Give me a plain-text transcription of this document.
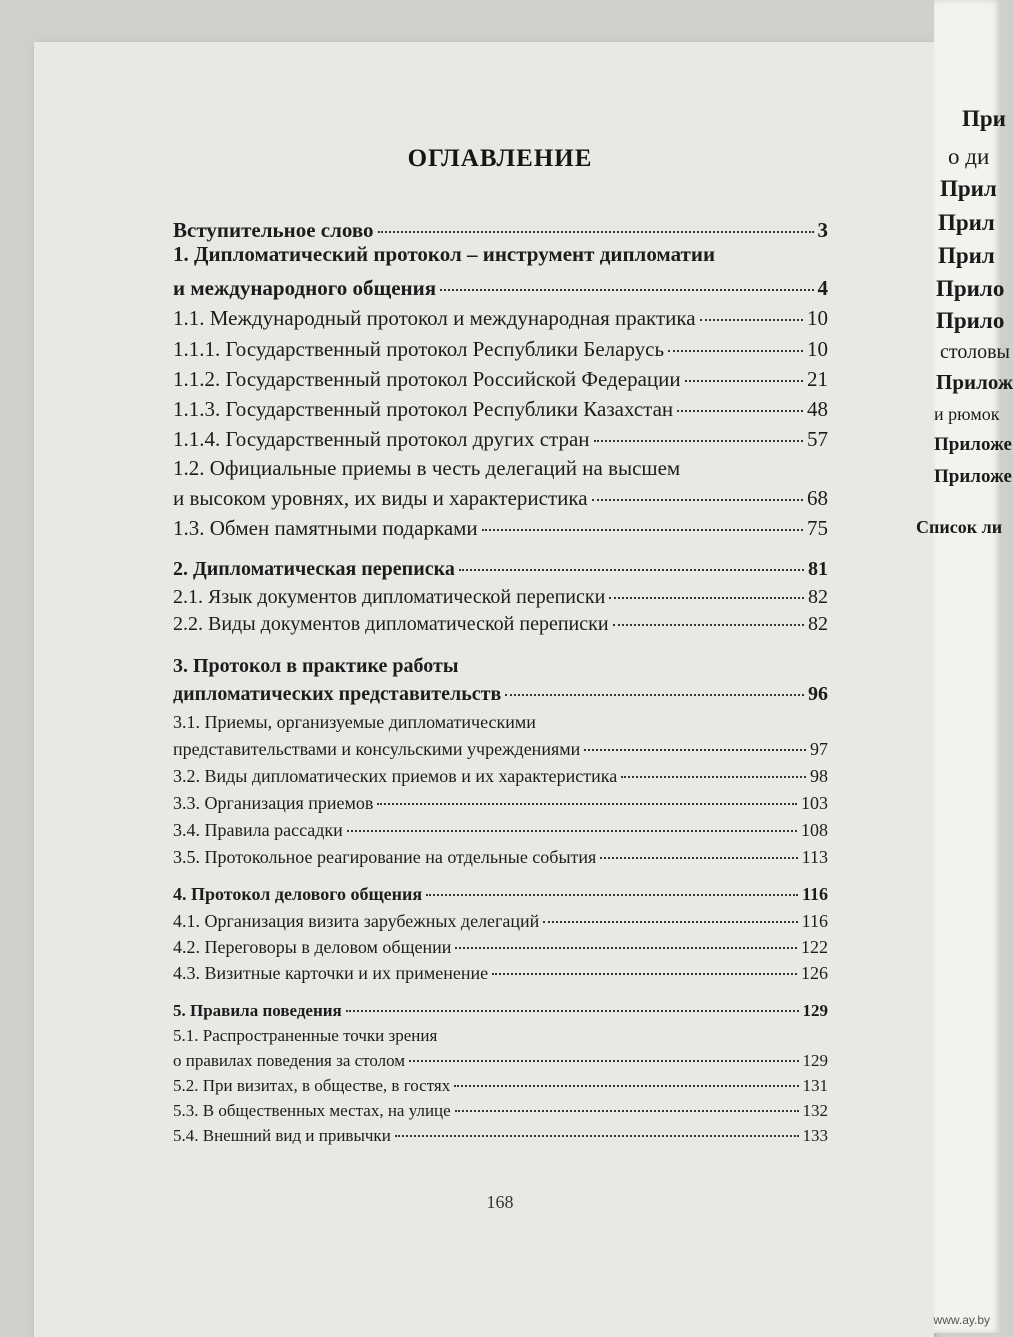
При
о ди
Прил
Прил
Прил
Прило
Прило
столовы
Прилож
и рюмок
Приложе
Приложе
Список ли
ОГЛАВЛЕНИЕ
Вступительное слово	3
1. Дипломатический протокол – инструмент дипломатии
и международного общения	4
1.1. Международный протокол и международная практика	10
1.1.1. Государственный протокол Республики Беларусь	10
1.1.2. Государственный протокол Российской Федерации	21
1.1.3. Государственный протокол Республики Казахстан	48
1.1.4. Государственный протокол других стран	57
1.2. Официальные приемы в честь делегаций на высшем
и высоком уровнях, их виды и характеристика	68
1.3. Обмен памятными подарками	75
2. Дипломатическая переписка	81
2.1. Язык документов дипломатической переписки	82
2.2. Виды документов дипломатической переписки	82
3. Протокол в практике работы
дипломатических представительств	96
3.1. Приемы, организуемые дипломатическими
представительствами и консульскими учреждениями	97
3.2. Виды дипломатических приемов и их характеристика	98
3.3. Организация приемов	103
3.4. Правила рассадки	108
3.5. Протокольное реагирование на отдельные события	113
4. Протокол делового общения	116
4.1. Организация визита зарубежных делегаций	116
4.2. Переговоры в деловом общении	122
4.3. Визитные карточки и их применение	126
5. Правила поведения	129
5.1. Распространенные точки зрения
о правилах поведения за столом	129
5.2. При визитах, в обществе, в гостях	131
5.3. В общественных местах, на улице	132
5.4. Внешний вид и привычки	133
168
www.ay.by
